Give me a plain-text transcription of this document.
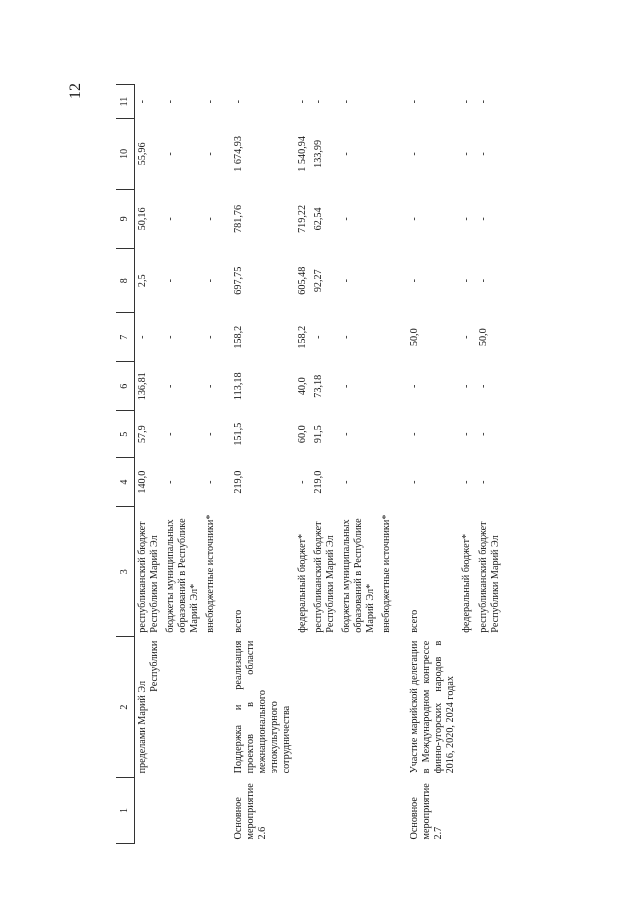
12
1	2	3	4	5	6	7	8	9	10	11
	пределами Марий Эл
Республики	республиканский бюджет Республики Марий Эл	140,0	57,9	136,81	-	2,5	50,16	55,96	-
		бюджеты муниципальных образований в Республике Марий Эл*	-	-	-	-	-	-	-	-
		внебюджетные источники*	-	-	-	-	-	-	-	-

Основное мероприятие 2.6	Поддержка и реализация проектов в области межнационального этнокультурного сотрудничества	всего	219,0	151,5	113,18	158,2	697,75	781,76	1 674,93	-
		федеральный бюджет*	-	60,0	40,0	158,2	605,48	719,22	1 540,94	-
		республиканский бюджет Республики Марий Эл	219,0	91,5	73,18	-	92,27	62,54	133,99	-
		бюджеты муниципальных образований в Республике Марий Эл*	-	-	-	-	-	-	-	-
		внебюджетные источники*								

Основное мероприятие 2.7	Участие марийской делегации в Международном конгрессе финно-угорских народов в 2016, 2020, 2024 годах	всего	-	-	-	50,0	-	-	-	-
		федеральный бюджет*	-	-	-	-	-	-	-	-
		республиканский бюджет Республики Марий Эл	-	-	-	50,0	-	-	-	-
